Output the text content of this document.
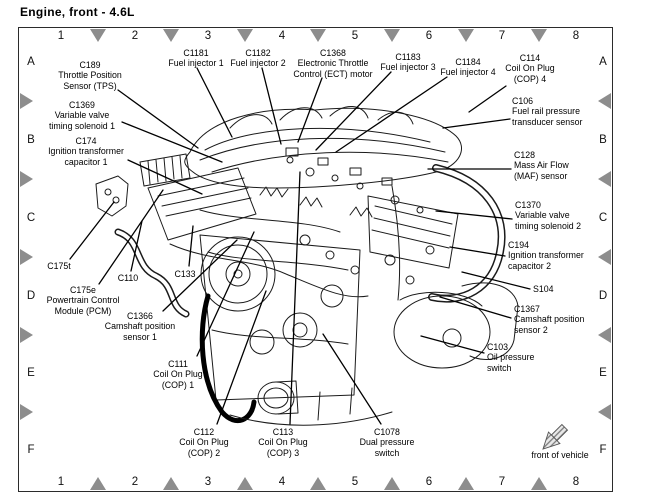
Engine, front - 4.6L
1	2	3	4	5	6	7	8
1	2	3	4	5	6	7	8
A
B
C
D
E
F
A
B
C
D
E
F
C189
Throttle Position
Sensor (TPS)
C1369
Variable valve
timing solenoid 1
C174
Ignition transformer
capacitor 1
C1181
Fuel injector 1
C1182
Fuel injector 2
C1368
Electronic Throttle
Control (ECT) motor
C1183
Fuel injector 3
C1184
Fuel injector 4
C114
Coil On Plug
(COP) 4
C106
Fuel rail pressure
transducer sensor
C128
Mass Air Flow
(MAF) sensor
C1370
Variable valve
timing solenoid 2
C194
Ignition transformer
capacitor 2
S104
C1367
Camshaft position
sensor 2
C103
Oil pressure
switch
C175t
C110	C133
C175e
Powertrain Control
Module (PCM)
C1366
Camshaft position
sensor 1
C111
Coil On Plug
(COP) 1
C112
Coil On Plug
(COP) 2
C113
Coil On Plug
(COP) 3
C1078
Dual pressure
switch	front of vehicle
